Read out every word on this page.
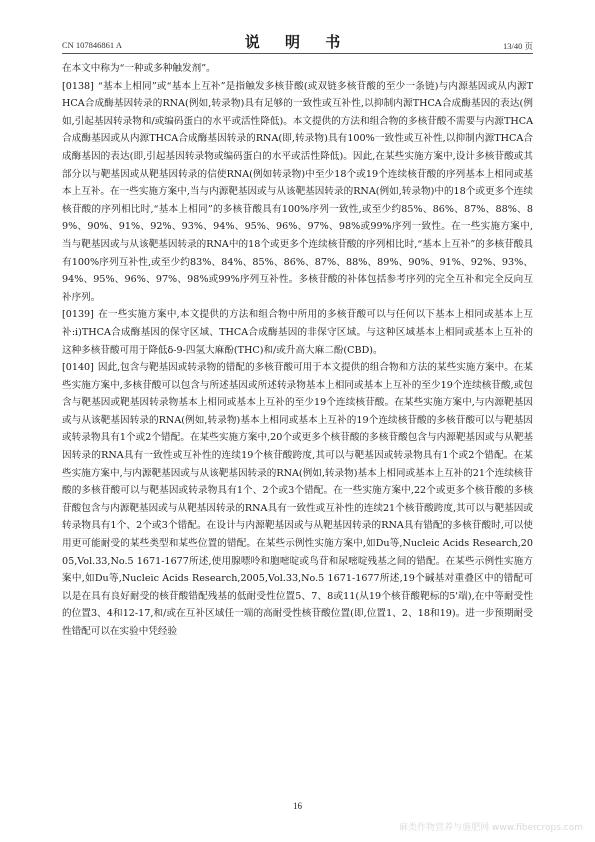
CN 107846861 A	说 明 书	13/40 页

在本文中称为“一种或多种触发剂”。

[0138] “基本上相同”或“基本上互补”是指触发多核苷酸(或双链多核苷酸的至少一条链)与内源基因或从内源THCA合成酶基因转录的RNA(例如,转录物)具有足够的一致性或互补性,以抑制内源THCA合成酶基因的表达(例如,引起基因转录物和/或编码蛋白的水平或活性降低)。本文提供的方法和组合物的多核苷酸不需要与内源THCA合成酶基因或从内源THCA合成酶基因转录的RNA(即,转录物)具有100%一致性或互补性,以抑制内源THCA合成酶基因的表达(即,引起基因转录物或编码蛋白的水平或活性降低)。因此,在某些实施方案中,设计多核苷酸或其部分以与靶基因或从靶基因转录的信使RNA(例如转录物)中至少18个或19个连续核苷酸的序列基本上相同或基本上互补。在一些实施方案中,当与内源靶基因或与从该靶基因转录的RNA(例如,转录物)中的18个或更多个连续核苷酸的序列相比时,“基本上相同”的多核苷酸具有100%序列一致性,或至少约85%、86%、87%、88%、89%、90%、91%、92%、93%、94%、95%、96%、97%、98%或99%序列一致性。在一些实施方案中,当与靶基因或与从该靶基因转录的RNA中的18个或更多个连续核苷酸的序列相比时,“基本上互补”的多核苷酸具有100%序列互补性,或至少约83%、84%、85%、86%、87%、88%、89%、90%、91%、92%、93%、94%、95%、96%、97%、98%或99%序列互补性。多核苷酸的补体包括参考序列的完全互补和完全反向互补序列。

[0139] 在一些实施方案中,本文提供的方法和组合物中所用的多核苷酸可以与任何以下基本上相同或基本上互补:i)THCA合成酶基因的保守区域、THCA合成酶基因的非保守区域。与这种区域基本上相同或基本上互补的这种多核苷酸可用于降低δ-9-四氢大麻酚(THC)和/或升高大麻二酚(CBD)。

[0140] 因此,包含与靶基因或转录物的错配的多核苷酸可用于本文提供的组合物和方法的某些实施方案中。在某些实施方案中,多核苷酸可以包含与所述基因或所述转录物基本上相同或基本上互补的至少19个连续核苷酸,或包含与靶基因或靶基因转录物基本上相同或基本上互补的至少19个连续核苷酸。在某些实施方案中,与内源靶基因或与从该靶基因转录的RNA(例如,转录物)基本上相同或基本上互补的19个连续核苷酸的多核苷酸可以与靶基因或转录物具有1个或2个错配。在某些实施方案中,20个或更多个核苷酸的多核苷酸包含与内源靶基因或与从靶基因转录的RNA具有一致性或互补性的连续19个核苷酸跨度,其可以与靶基因或转录物具有1个或2个错配。在某些实施方案中,与内源靶基因或与从该靶基因转录的RNA(例如,转录物)基本上相同或基本上互补的21个连续核苷酸的多核苷酸可以与靶基因或转录物具有1个、2个或3个错配。在一些实施方案中,22个或更多个核苷酸的多核苷酸包含与内源靶基因或与从靶基因转录的RNA具有一致性或互补性的连续21个核苷酸跨度,其可以与靶基因或转录物具有1个、2个或3个错配。在设计与内源靶基因或与从靶基因转录的RNA具有错配的多核苷酸时,可以使用更可能耐受的某些类型和某些位置的错配。在某些示例性实施方案中,如Du等,Nucleic Acids Research,2005,Vol.33,No.5 1671-1677所述,使用腺嘌呤和胞嘧啶或鸟苷和尿嘧啶残基之间的错配。在某些示例性实施方案中,如Du等,Nucleic Acids Research,2005,Vol.33,No.5 1671-1677所述,19个碱基对重叠区中的错配可以是在具有良好耐受的核苷酸错配残基的低耐受性位置5、7、8或11(从19个核苷酸靶标的5'端),在中等耐受性的位置3、4和12-17,和/或在互补区域任一端的高耐受性核苷酸位置(即,位置1、2、18和19)。进一步预期耐受性错配可以在实验中凭经验

16
麻类作物营养与施肥网 www.fibercrops.com
